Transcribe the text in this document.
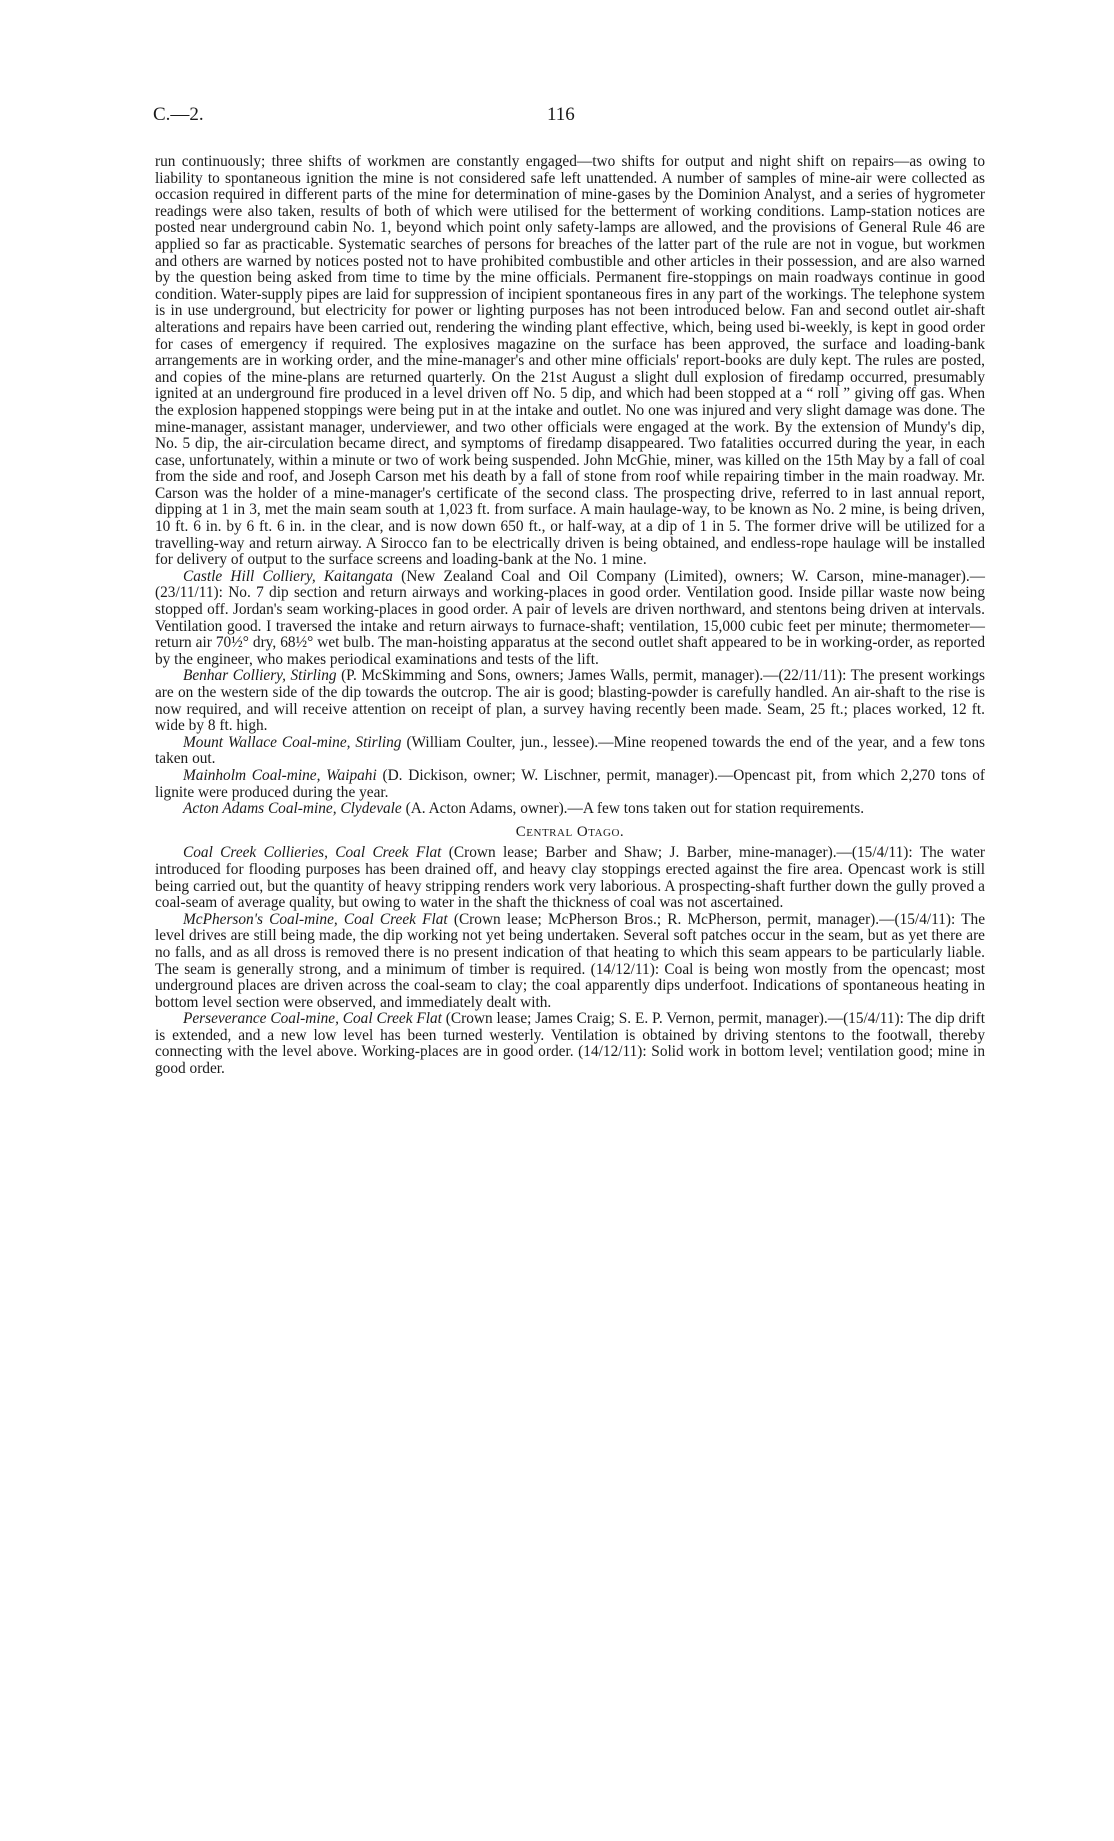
C.—2.	116

run continuously; three shifts of workmen are constantly engaged—two shifts for output and night shift on repairs—as owing to liability to spontaneous ignition the mine is not considered safe left unattended. A number of samples of mine-air were collected as occasion required in different parts of the mine for determination of mine-gases by the Dominion Analyst, and a series of hygrometer readings were also taken, results of both of which were utilised for the betterment of working conditions. Lamp-station notices are posted near underground cabin No. 1, beyond which point only safety-lamps are allowed, and the provisions of General Rule 46 are applied so far as practicable. Systematic searches of persons for breaches of the latter part of the rule are not in vogue, but workmen and others are warned by notices posted not to have prohibited combustible and other articles in their possession, and are also warned by the question being asked from time to time by the mine officials. Permanent fire-stoppings on main roadways continue in good condition. Water-supply pipes are laid for suppression of incipient spontaneous fires in any part of the workings. The telephone system is in use underground, but electricity for power or lighting purposes has not been introduced below. Fan and second outlet air-shaft alterations and repairs have been carried out, rendering the winding plant effective, which, being used bi-weekly, is kept in good order for cases of emergency if required. The explosives magazine on the surface has been approved, the surface and loading-bank arrangements are in working order, and the mine-manager's and other mine officials' report-books are duly kept. The rules are posted, and copies of the mine-plans are returned quarterly. On the 21st August a slight dull explosion of firedamp occurred, presumably ignited at an underground fire produced in a level driven off No. 5 dip, and which had been stopped at a “ roll ” giving off gas. When the explosion happened stoppings were being put in at the intake and outlet. No one was injured and very slight damage was done. The mine-manager, assistant manager, underviewer, and two other officials were engaged at the work. By the extension of Mundy's dip, No. 5 dip, the air-circulation became direct, and symptoms of firedamp disappeared. Two fatalities occurred during the year, in each case, unfortunately, within a minute or two of work being suspended. John McGhie, miner, was killed on the 15th May by a fall of coal from the side and roof, and Joseph Carson met his death by a fall of stone from roof while repairing timber in the main roadway. Mr. Carson was the holder of a mine-manager's certificate of the second class. The prospecting drive, referred to in last annual report, dipping at 1 in 3, met the main seam south at 1,023 ft. from surface. A main haulage-way, to be known as No. 2 mine, is being driven, 10 ft. 6 in. by 6 ft. 6 in. in the clear, and is now down 650 ft., or half-way, at a dip of 1 in 5. The former drive will be utilized for a travelling-way and return airway. A Sirocco fan to be electrically driven is being obtained, and endless-rope haulage will be installed for delivery of output to the surface screens and loading-bank at the No. 1 mine.

Castle Hill Colliery, Kaitangata (New Zealand Coal and Oil Company (Limited), owners; W. Carson, mine-manager).—(23/11/11): No. 7 dip section and return airways and working-places in good order. Ventilation good. Inside pillar waste now being stopped off. Jordan's seam working-places in good order. A pair of levels are driven northward, and stentons being driven at intervals. Ventilation good. I traversed the intake and return airways to furnace-shaft; ventilation, 15,000 cubic feet per minute; thermometer—return air 70½° dry, 68½° wet bulb. The man-hoisting apparatus at the second outlet shaft appeared to be in working-order, as reported by the engineer, who makes periodical examinations and tests of the lift.

Benhar Colliery, Stirling (P. McSkimming and Sons, owners; James Walls, permit, manager).—(22/11/11): The present workings are on the western side of the dip towards the outcrop. The air is good; blasting-powder is carefully handled. An air-shaft to the rise is now required, and will receive attention on receipt of plan, a survey having recently been made. Seam, 25 ft.; places worked, 12 ft. wide by 8 ft. high.

Mount Wallace Coal-mine, Stirling (William Coulter, jun., lessee).—Mine reopened towards the end of the year, and a few tons taken out.

Mainholm Coal-mine, Waipahi (D. Dickison, owner; W. Lischner, permit, manager).—Opencast pit, from which 2,270 tons of lignite were produced during the year.

Acton Adams Coal-mine, Clydevale (A. Acton Adams, owner).—A few tons taken out for station requirements.

Central Otago.

Coal Creek Collieries, Coal Creek Flat (Crown lease; Barber and Shaw; J. Barber, mine-manager).—(15/4/11): The water introduced for flooding purposes has been drained off, and heavy clay stoppings erected against the fire area. Opencast work is still being carried out, but the quantity of heavy stripping renders work very laborious. A prospecting-shaft further down the gully proved a coal-seam of average quality, but owing to water in the shaft the thickness of coal was not ascertained.

McPherson's Coal-mine, Coal Creek Flat (Crown lease; McPherson Bros.; R. McPherson, permit, manager).—(15/4/11): The level drives are still being made, the dip working not yet being undertaken. Several soft patches occur in the seam, but as yet there are no falls, and as all dross is removed there is no present indication of that heating to which this seam appears to be particularly liable. The seam is generally strong, and a minimum of timber is required. (14/12/11): Coal is being won mostly from the opencast; most underground places are driven across the coal-seam to clay; the coal apparently dips underfoot. Indications of spontaneous heating in bottom level section were observed, and immediately dealt with.

Perseverance Coal-mine, Coal Creek Flat (Crown lease; James Craig; S. E. P. Vernon, permit, manager).—(15/4/11): The dip drift is extended, and a new low level has been turned westerly. Ventilation is obtained by driving stentons to the footwall, thereby connecting with the level above. Working-places are in good order. (14/12/11): Solid work in bottom level; ventilation good; mine in good order.
